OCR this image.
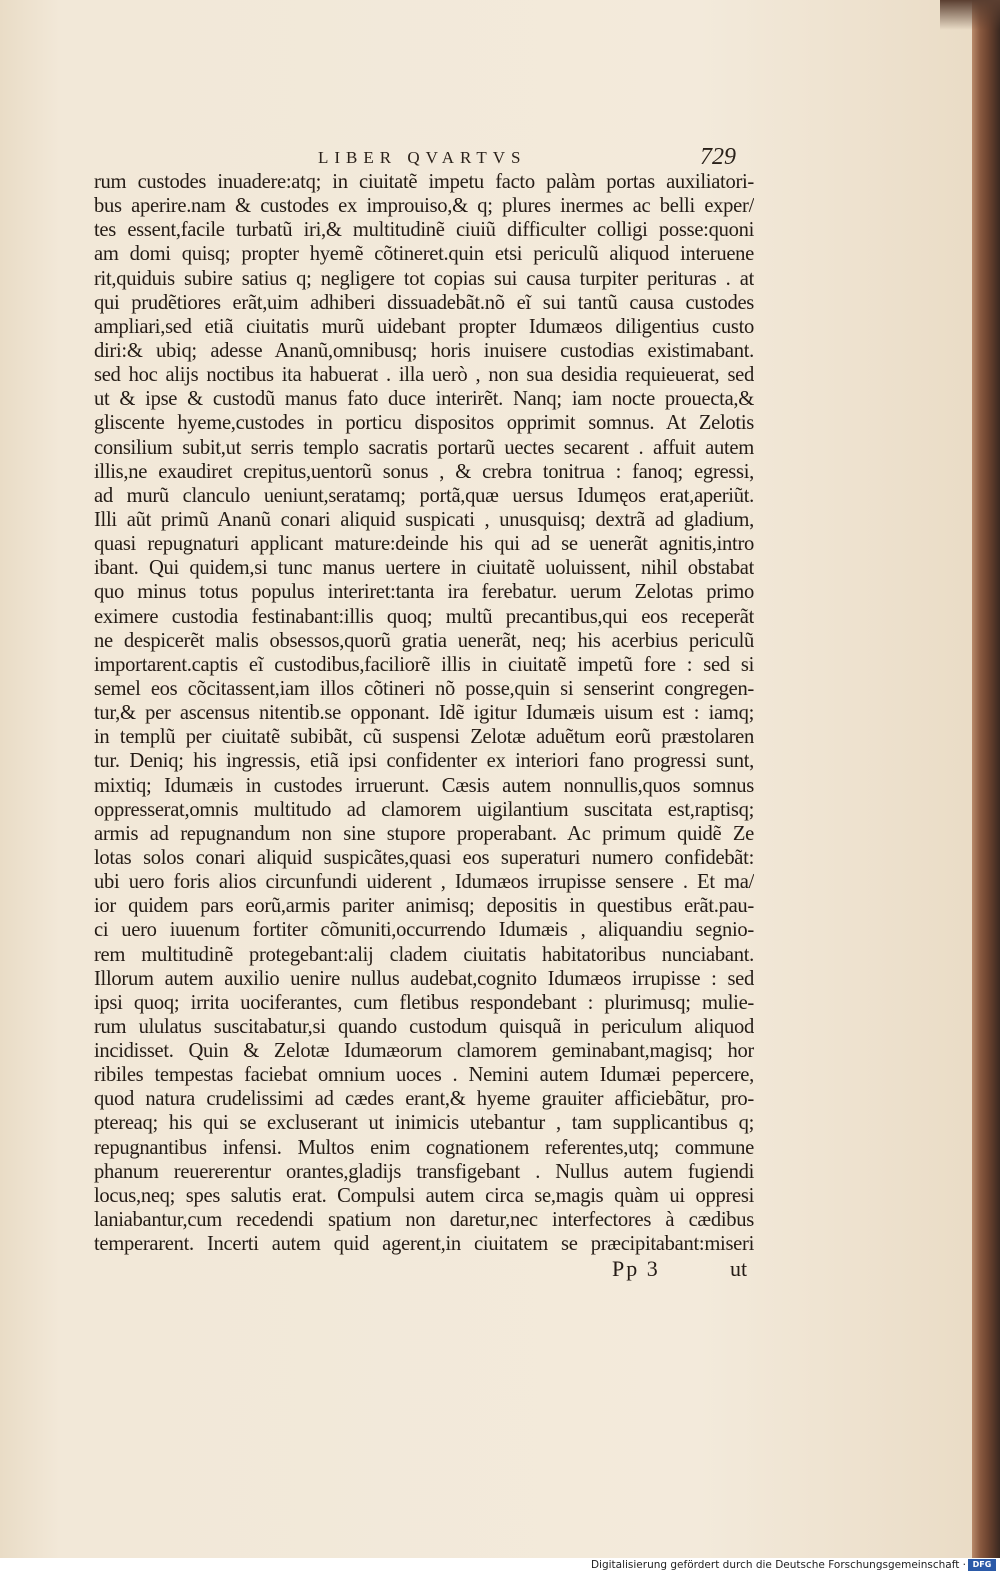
LIBER QVARTVS	729
rum custodes inuadere:atq; in ciuitatẽ impetu facto palàm portas auxiliatori-
bus aperire.nam & custodes ex improuiso,& q; plures inermes ac belli exper/
tes essent,facile turbatũ iri,& multitudinẽ ciuiũ difficulter colligi posse:quoni
am domi quisq; propter hyemẽ cõtineret.quin etsi periculũ aliquod interuene
rit,quiduis subire satius q; negligere tot copias sui causa turpiter perituras . at
qui prudẽtiores erãt,uim adhiberi dissuadebãt.nõ eĩ sui tantũ causa custodes
ampliari,sed etiã ciuitatis murũ uidebant propter Idumæos diligentius custo
diri:& ubiq; adesse Ananũ,omnibusq; horis inuisere custodias existimabant.
sed hoc alijs noctibus ita habuerat . illa uerò , non sua desidia requieuerat, sed
ut & ipse & custodũ manus fato duce interirẽt. Nanq; iam nocte prouecta,&
gliscente hyeme,custodes in porticu dispositos opprimit somnus. At Zelotis
consilium subit,ut serris templo sacratis portarũ uectes secarent . affuit autem
illis,ne exaudiret crepitus,uentorũ sonus , & crebra tonitrua : fanoq; egressi,
ad murũ clanculo ueniunt,seratamq; portã,quæ uersus Idumęos erat,aperiũt.
Illi aũt primũ Ananũ conari aliquid suspicati , unusquisq; dextrã ad gladium,
quasi repugnaturi applicant mature:deinde his qui ad se uenerãt agnitis,intro
ibant. Qui quidem,si tunc manus uertere in ciuitatẽ uoluissent, nihil obstabat
quo minus totus populus interiret:tanta ira ferebatur. uerum Zelotas primo
eximere custodia festinabant:illis quoq; multũ precantibus,qui eos receperãt
ne despicerẽt malis obsessos,quorũ gratia uenerãt, neq; his acerbius periculũ
importarent.captis eĩ custodibus,faciliorẽ illis in ciuitatẽ impetũ fore : sed si
semel eos cõcitassent,iam illos cõtineri nõ posse,quin si senserint congregen-
tur,& per ascensus nitentib.se opponant. Idẽ igitur Idumæis uisum est : iamq;
in templũ per ciuitatẽ subibãt, cũ suspensi Zelotæ aduẽtum eorũ præstolaren
tur. Deniq; his ingressis, etiã ipsi confidenter ex interiori fano progressi sunt,
mixtiq; Idumæis in custodes irruerunt. Cæsis autem nonnullis,quos somnus
oppresserat,omnis multitudo ad clamorem uigilantium suscitata est,raptisq;
armis ad repugnandum non sine stupore properabant. Ac primum quidẽ Ze
lotas solos conari aliquid suspicãtes,quasi eos superaturi numero confidebãt:
ubi uero foris alios circunfundi uiderent , Idumæos irrupisse sensere . Et ma/
ior quidem pars eorũ,armis pariter animisq; depositis in questibus erãt.pau-
ci uero iuuenum fortiter cõmuniti,occurrendo Idumæis , aliquandiu segnio-
rem multitudinẽ protegebant:alij cladem ciuitatis habitatoribus nunciabant.
Illorum autem auxilio uenire nullus audebat,cognito Idumæos irrupisse : sed
ipsi quoq; irrita uociferantes, cum fletibus respondebant : plurimusq; mulie-
rum ululatus suscitabatur,si quando custodum quisquã in periculum aliquod
incidisset. Quin & Zelotæ Idumæorum clamorem geminabant,magisq; hor
ribiles tempestas faciebat omnium uoces . Nemini autem Idumæi pepercere,
quod natura crudelissimi ad cædes erant,& hyeme grauiter afficiebãtur, pro-
ptereaq; his qui se excluserant ut inimicis utebantur , tam supplicantibus q;
repugnantibus infensi. Multos enim cognationem referentes,utq; commune
phanum reuererentur orantes,gladijs transfigebant . Nullus autem fugiendi
locus,neq; spes salutis erat. Compulsi autem circa se,magis quàm ui oppresi
laniabantur,cum recedendi spatium non daretur,nec interfectores à cædibus
temperarent. Incerti autem quid agerent,in ciuitatem se præcipitabant:miseri
Pp 3	ut
Digitalisierung gefördert durch die Deutsche Forschungsgemeinschaft · DFG
